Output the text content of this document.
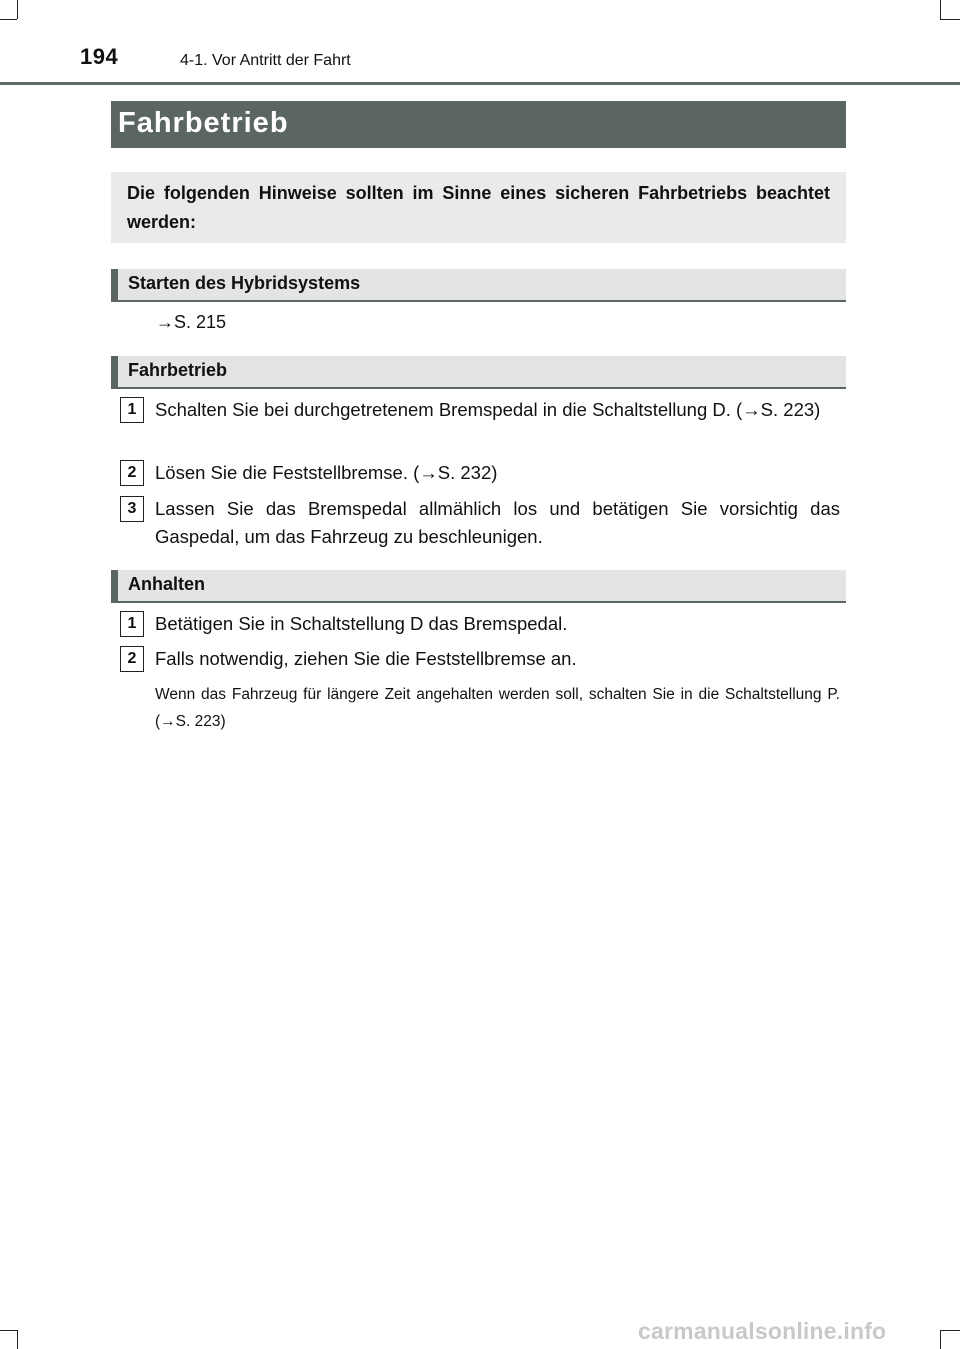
194	4-1. Vor Antritt der Fahrt
Fahrbetrieb
Die folgenden Hinweise sollten im Sinne eines sicheren Fahrbetriebs beachtet werden:
Starten des Hybridsystems
→S. 215
Fahrbetrieb
1	Schalten Sie bei durchgetretenem Bremspedal in die Schaltstellung D. (→S. 223)
2	Lösen Sie die Feststellbremse. (→S. 232)
3	Lassen Sie das Bremspedal allmählich los und betätigen Sie vorsichtig das Gaspedal, um das Fahrzeug zu beschleunigen.
Anhalten
1	Betätigen Sie in Schaltstellung D das Bremspedal.
2	Falls notwendig, ziehen Sie die Feststellbremse an.
Wenn das Fahrzeug für längere Zeit angehalten werden soll, schalten Sie in die Schaltstellung P. (→S. 223)
carmanualsonline.info
